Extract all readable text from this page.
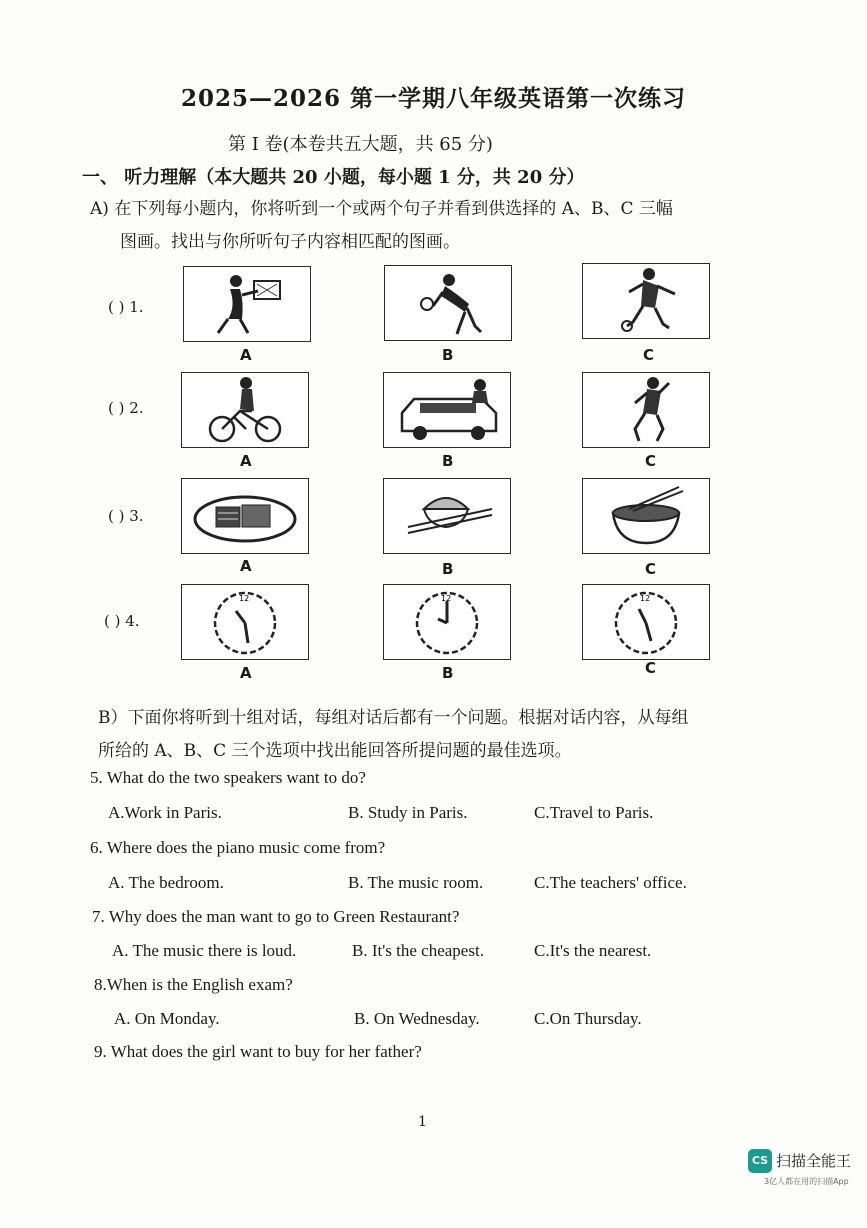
2025—2026 第一学期八年级英语第一次练习
第 I 卷(本卷共五大题，共 65 分)
一、 听力理解（本大题共 20 小题，每小题 1 分，共 20 分）
A) 在下列每小题内，你将听到一个或两个句子并看到供选择的 A、B、C 三幅
图画。找出与你所听句子内容相匹配的图画。
( ) 1.
A	B	C
( ) 2.
A	B	C
( ) 3.
A	B	C
( ) 4.
12
A
12
B
12
C
B）下面你将听到十组对话，每组对话后都有一个问题。根据对话内容，从每组
所给的 A、B、C 三个选项中找出能回答所提问题的最佳选项。
5. What do the two speakers want to do?
A.Work in Paris.	B. Study in Paris.	C.Travel to Paris.
6. Where does the piano music come from?
A. The bedroom.	B. The music room.	C.The teachers' office.
7. Why does the man want to go to Green Restaurant?
A. The music there is loud.	B. It's the cheapest.	C.It's the nearest.
8.When is the English exam?
A. On Monday.	B. On Wednesday.	C.On Thursday.
9. What does the girl want to buy for her father?
1
CS 扫描全能王
3亿人都在用的扫描App
